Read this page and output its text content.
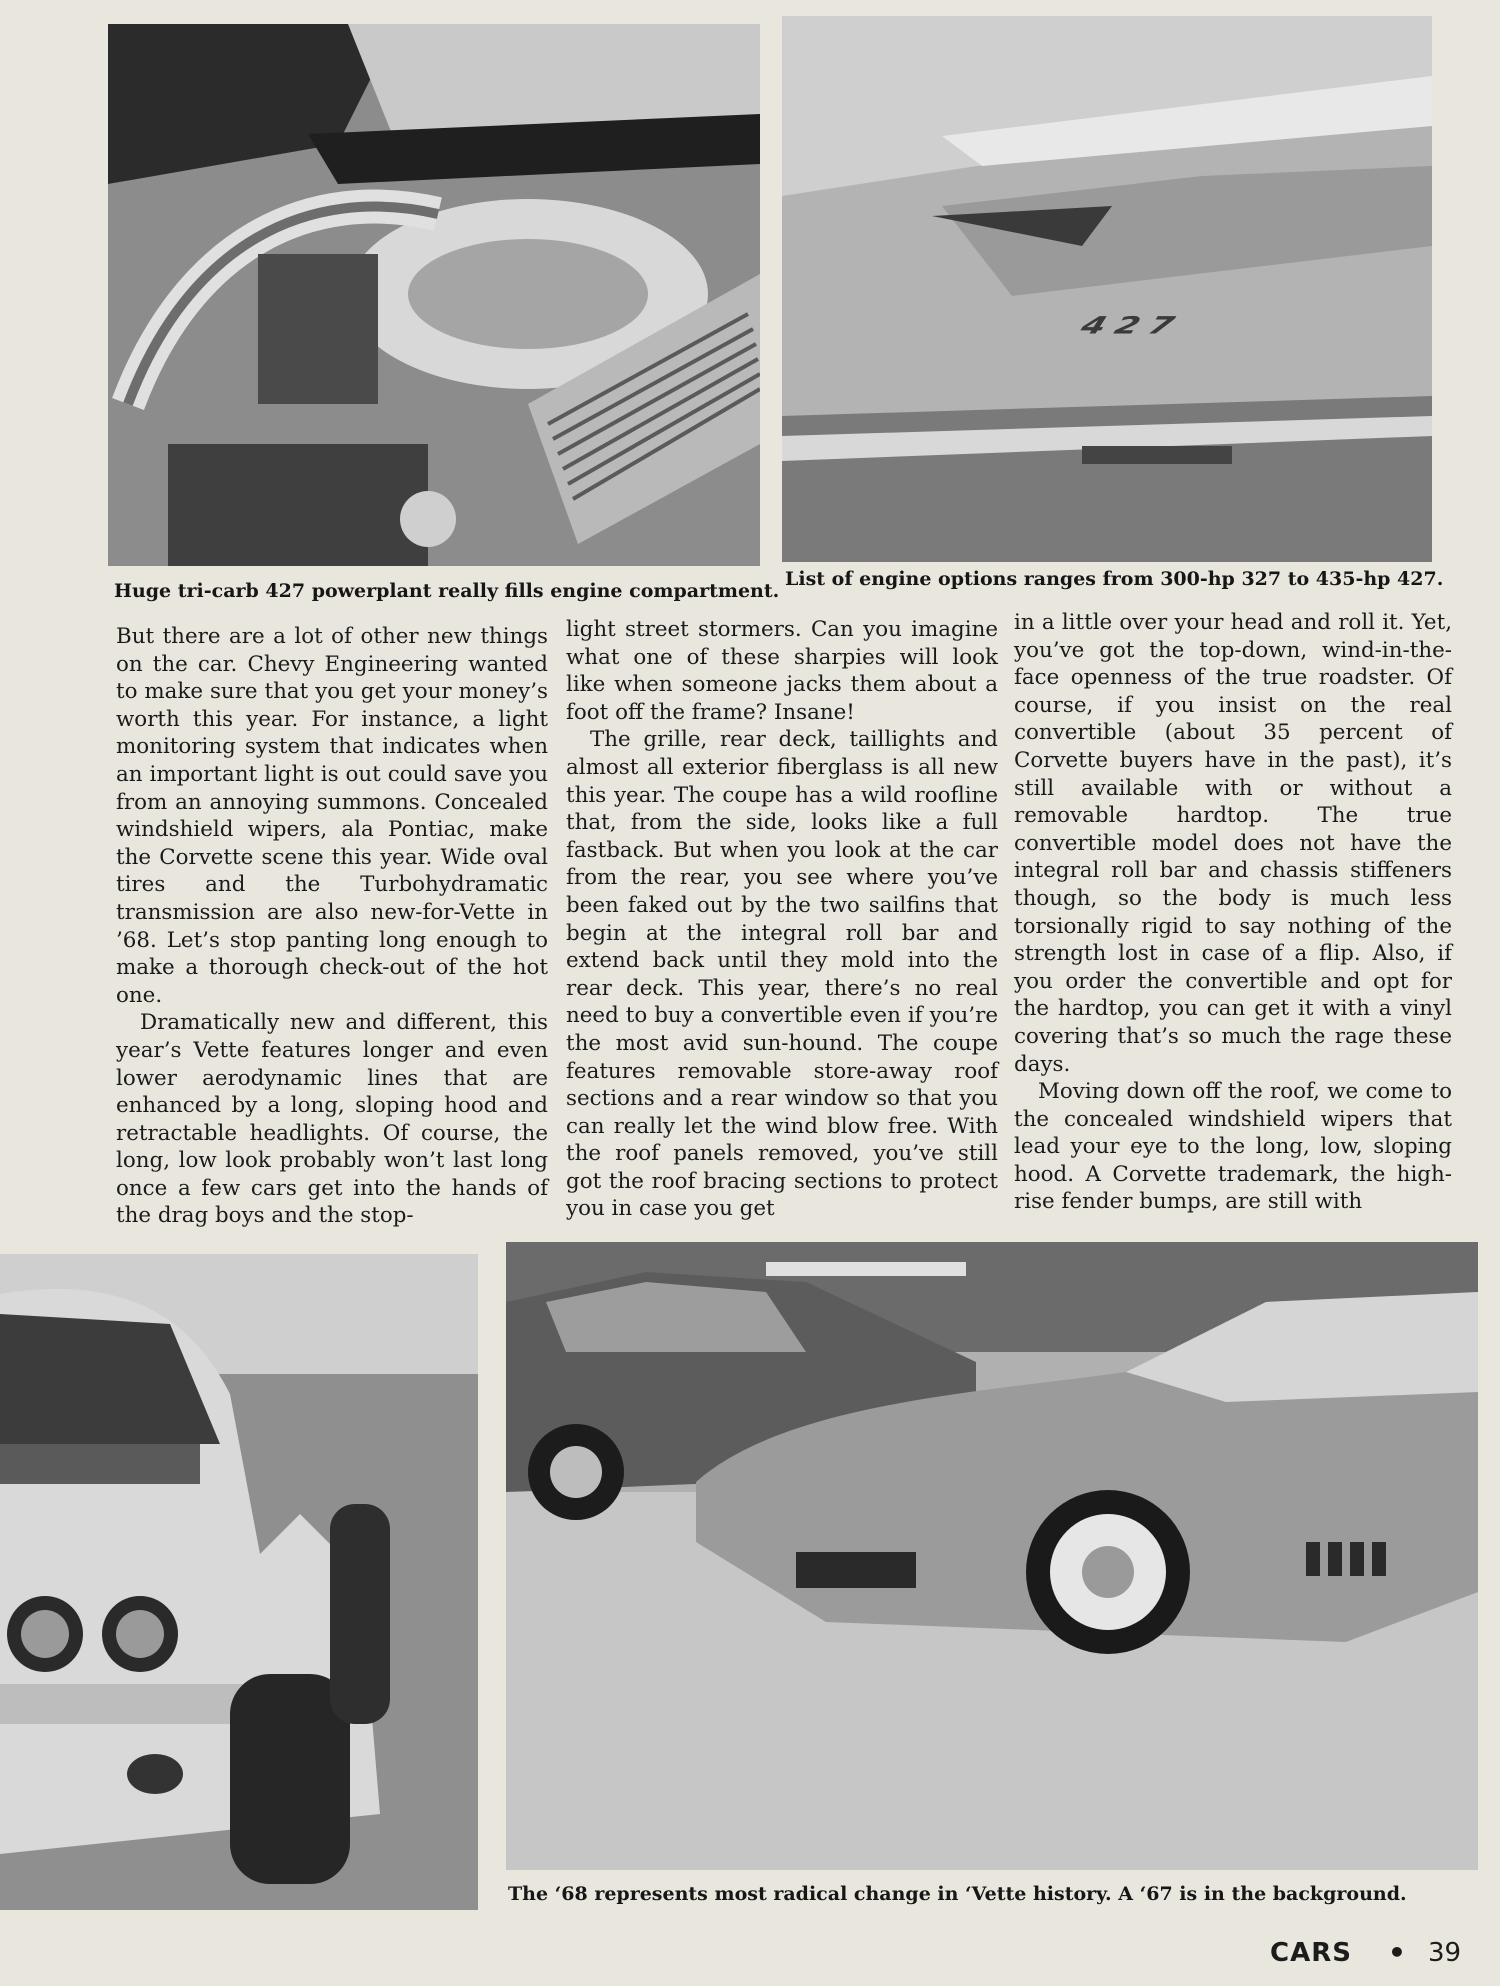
Huge tri-carb 427 powerplant really fills engine compartment.
427
List of engine options ranges from 300-hp 327 to 435-hp 427.

But there are a lot of other new things on the car. Chevy Engineering wanted to make sure that you get your money’s worth this year. For instance, a light monitoring system that indicates when an important light is out could save you from an annoying summons. Concealed windshield wipers, ala Pontiac, make the Corvette scene this year. Wide oval tires and the Turbohydramatic transmission are also new-for-Vette in ’68. Let’s stop panting long enough to make a thorough check-out of the hot one.

Dramatically new and different, this year’s Vette features longer and even lower aerodynamic lines that are enhanced by a long, sloping hood and retractable headlights. Of course, the long, low look probably won’t last long once a few cars get into the hands of the drag boys and the stop-

light street stormers. Can you imagine what one of these sharpies will look like when someone jacks them about a foot off the frame? Insane!

The grille, rear deck, taillights and almost all exterior fiberglass is all new this year. The coupe has a wild roofline that, from the side, looks like a full fastback. But when you look at the car from the rear, you see where you’ve been faked out by the two sailfins that begin at the integral roll bar and extend back until they mold into the rear deck. This year, there’s no real need to buy a convertible even if you’re the most avid sun-hound. The coupe features removable store-away roof sections and a rear window so that you can really let the wind blow free. With the roof panels removed, you’ve still got the roof bracing sections to protect you in case you get

in a little over your head and roll it. Yet, you’ve got the top-down, wind-in-the-face openness of the true roadster. Of course, if you insist on the real convertible (about 35 percent of Corvette buyers have in the past), it’s still available with or without a removable hardtop. The true convertible model does not have the integral roll bar and chassis stiffeners though, so the body is much less torsionally rigid to say nothing of the strength lost in case of a flip. Also, if you order the convertible and opt for the hardtop, you can get it with a vinyl covering that’s so much the rage these days.

Moving down off the roof, we come to the concealed windshield wipers that lead your eye to the long, low, sloping hood. A Corvette trademark, the high-rise fender bumps, are still with

The ‘68 represents most radical change in ‘Vette history. A ‘67 is in the background.
CARS • 39
